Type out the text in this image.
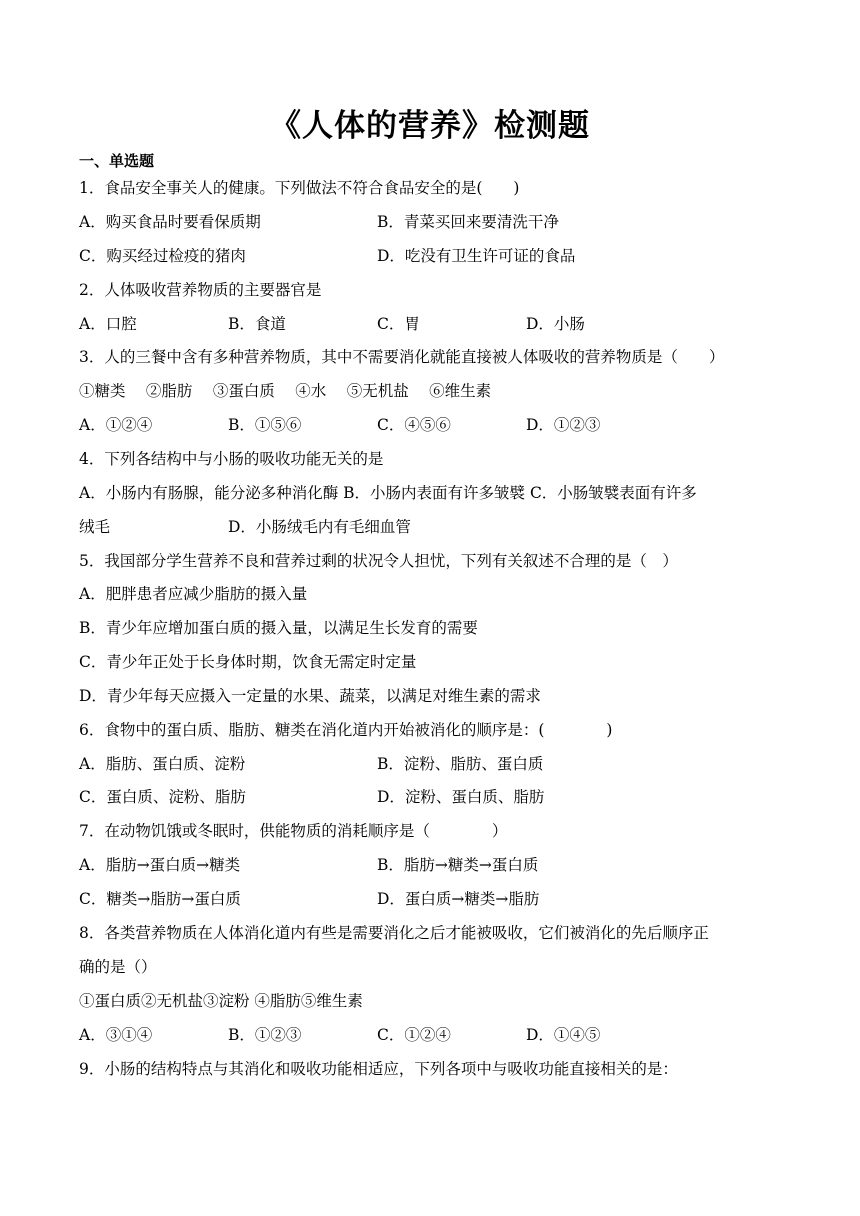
《人体的营养》检测题
一、单选题
1．食品安全事关人的健康。下列做法不符合食品安全的是(　　)
A．购买食品时要看保质期	B．青菜买回来要清洗干净
C．购买经过检疫的猪肉	D．吃没有卫生许可证的食品
2．人体吸收营养物质的主要器官是
A．口腔	B．食道	C．胃	D．小肠
3．人的三餐中含有多种营养物质，其中不需要消化就能直接被人体吸收的营养物质是（　　）
①糖类　 ②脂肪　 ③蛋白质　 ④水　 ⑤无机盐　 ⑥维生素
A．①②④	B．①⑤⑥	C．④⑤⑥	D．①②③
4．下列各结构中与小肠的吸收功能无关的是
A．小肠内有肠腺，能分泌多种消化酶 B．小肠内表面有许多皱襞 C．小肠皱襞表面有许多
绒毛	D．小肠绒毛内有毛细血管
5．我国部分学生营养不良和营养过剩的状况令人担忧，下列有关叙述不合理的是（　）
A．肥胖患者应减少脂肪的摄入量
B．青少年应增加蛋白质的摄入量，以满足生长发育的需要
C．青少年正处于长身体时期，饮食无需定时定量
D．青少年每天应摄入一定量的水果、蔬菜，以满足对维生素的需求
6．食物中的蛋白质、脂肪、糖类在消化道内开始被消化的顺序是：(　　　　)
A．脂肪、蛋白质、淀粉	B．淀粉、脂肪、蛋白质
C．蛋白质、淀粉、脂肪	D．淀粉、蛋白质、脂肪
7．在动物饥饿或冬眠时，供能物质的消耗顺序是（　　　　）
A．脂肪→蛋白质→糖类	B．脂肪→糖类→蛋白质
C．糖类→脂肪→蛋白质	D．蛋白质→糖类→脂肪
8．各类营养物质在人体消化道内有些是需要消化之后才能被吸收，它们被消化的先后顺序正
确的是（）
①蛋白质②无机盐③淀粉 ④脂肪⑤维生素
A．③①④	B．①②③	C．①②④	D．①④⑤
9．小肠的结构特点与其消化和吸收功能相适应，下列各项中与吸收功能直接相关的是：
